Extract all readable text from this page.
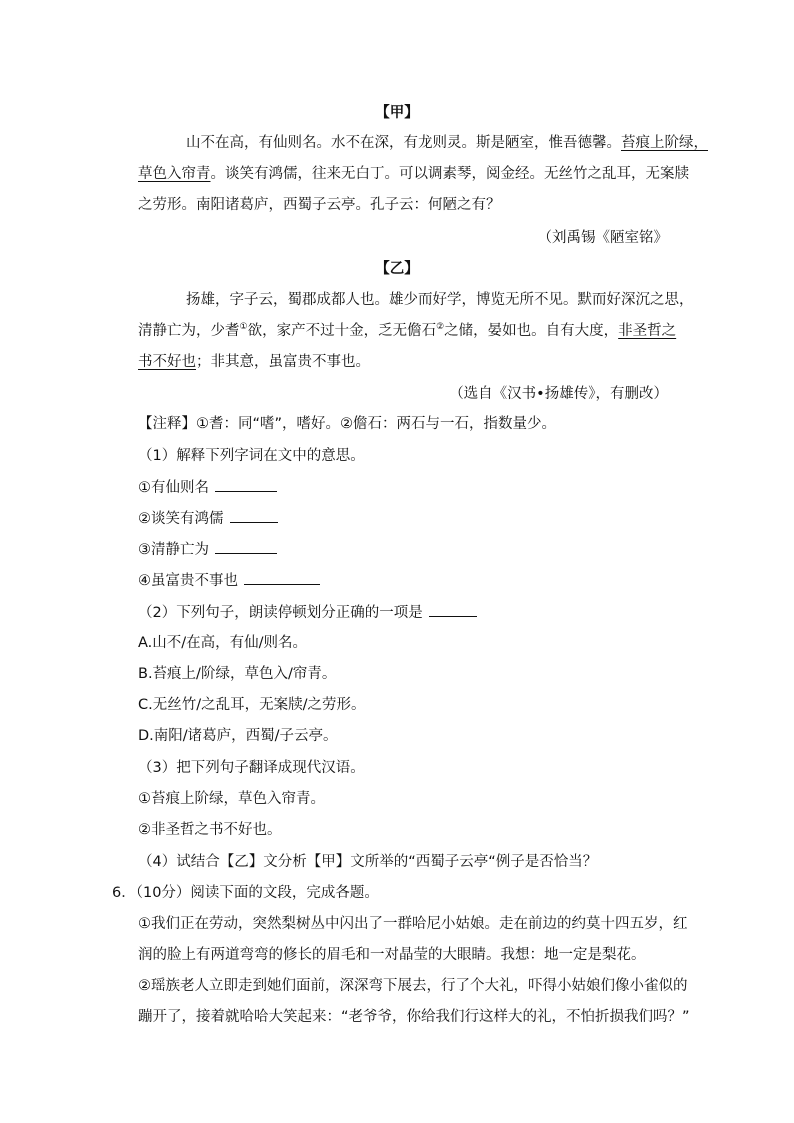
【甲】
山不在高，有仙则名。水不在深，有龙则灵。斯是陋室，惟吾德馨。苔痕上阶绿，
草色入帘青。谈笑有鸿儒，往来无白丁。可以调素琴，阅金经。无丝竹之乱耳，无案牍
之劳形。南阳诸葛庐，西蜀子云亭。孔子云：何陋之有？
（刘禹锡《陋室铭》
【乙】
扬雄，字子云，蜀郡成都人也。雄少而好学，博览无所不见。默而好深沉之思，
清静亡为，少耆①欲，家产不过十金，乏无儋石②之储，晏如也。自有大度，非圣哲之
书不好也；非其意，虽富贵不事也。
（选自《汉书•扬雄传》，有删改）
【注释】①耆：同“嗜”，嗜好。②儋石：两石与一石，指数量少。
（1）解释下列字词在文中的意思。
①有仙则名
②谈笑有鸿儒
③清静亡为
④虽富贵不事也
（2）下列句子，朗读停顿划分正确的一项是
A.山不/在高，有仙/则名。
B.苔痕上/阶绿，草色入/帘青。
C.无丝竹/之乱耳，无案牍/之劳形。
D.南阳/诸葛庐，西蜀/子云亭。
（3）把下列句子翻译成现代汉语。
①苔痕上阶绿，草色入帘青。
②非圣哲之书不好也。
（4）试结合【乙】文分析【甲】文所举的“西蜀子云亭“例子是否恰当？
6．（10分）阅读下面的文段，完成各题。
①我们正在劳动，突然梨树丛中闪出了一群哈尼小姑娘。走在前边的约莫十四五岁，红
润的脸上有两道弯弯的修长的眉毛和一对晶莹的大眼睛。我想：地一定是梨花。
②瑶族老人立即走到她们面前，深深弯下展去，行了个大礼，吓得小姑娘们像小雀似的
蹦开了，接着就哈哈大笑起来：“老爷爷，你给我们行这样大的礼，不怕折损我们吗？”
